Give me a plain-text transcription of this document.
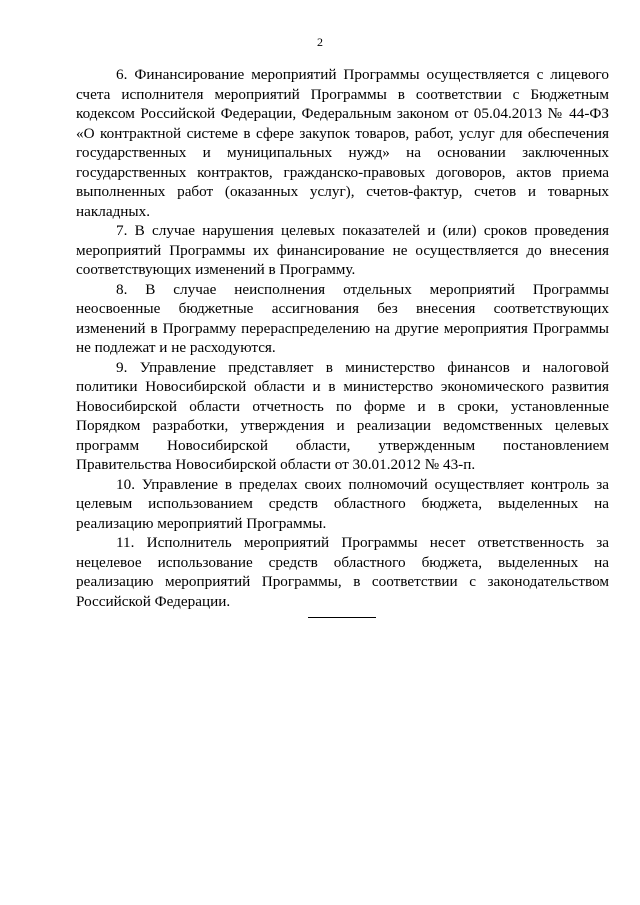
2

6. Финансирование мероприятий Программы осуществляется с лицевого счета исполнителя мероприятий Программы в соответствии с Бюджетным кодексом Российской Федерации, Федеральным законом от 05.04.2013 № 44-ФЗ «О контрактной системе в сфере закупок товаров, работ, услуг для обеспечения государственных и муниципальных нужд» на основании заключенных государственных контрактов, гражданско-правовых договоров, актов приема выполненных работ (оказанных услуг), счетов-фактур, счетов и товарных накладных.

7. В случае нарушения целевых показателей и (или) сроков проведения мероприятий Программы их финансирование не осуществляется до внесения соответствующих изменений в Программу.

8. В случае неисполнения отдельных мероприятий Программы неосвоенные бюджетные ассигнования без внесения соответствующих изменений в Программу перераспределению на другие мероприятия Программы не подлежат и не расходуются.

9. Управление представляет в министерство финансов и налоговой политики Новосибирской области и в министерство экономического развития Новосибирской области отчетность по форме и в сроки, установленные Порядком разработки, утверждения и реализации ведомственных целевых программ Новосибирской области, утвержденным постановлением Правительства Новосибирской области от 30.01.2012 № 43-п.

10. Управление в пределах своих полномочий осуществляет контроль за целевым использованием средств областного бюджета, выделенных на реализацию мероприятий Программы.

11. Исполнитель мероприятий Программы несет ответственность за нецелевое использование средств областного бюджета, выделенных на реализацию мероприятий Программы, в соответствии с законодательством Российской Федерации.
